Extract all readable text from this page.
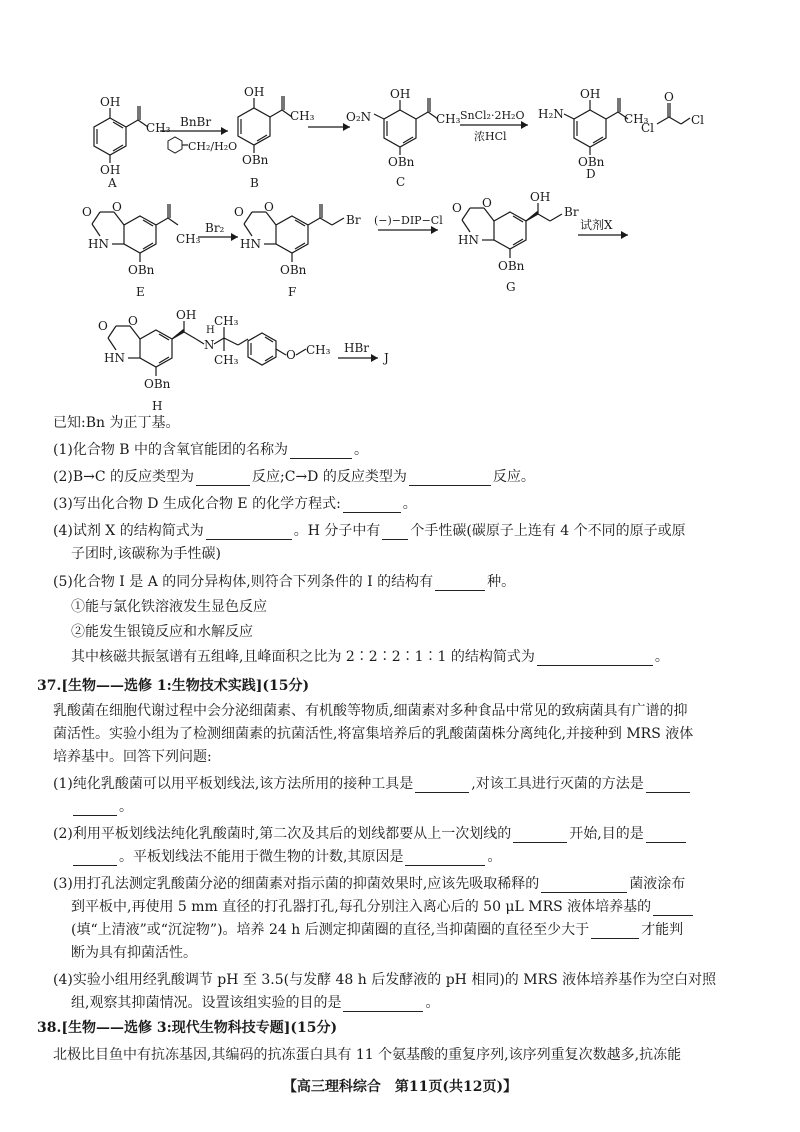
OH
CH₃
OH
A
BnBr
CH₂/H₂O
OH
CH₃
OBn
B
OH
O₂N	CH₃
OBn
C
SnCl₂·2H₂O
浓HCl
OH
H₂N	CH₃
OBn
D
O
Cl
Cl
O O
HN	CH₃
OBn
E
Br₂
O O
HN
Br
OBn
F
(−)−DIP−Cl
O O
HN
OH
Br
OBn
G
试剂X
O O
HN
OH
N
H
CH₃
CH₃	O CH₃
OBn
H
HBr
J
已知:Bn 为正丁基。
(1)化合物 B 中的含氧官能团的名称为	。
(2)B→C 的反应类型为	反应;C→D 的反应类型为	反应。
(3)写出化合物 D 生成化合物 E 的化学方程式:	。
(4)试剂 X 的结构简式为	。H 分子中有 个手性碳(碳原子上连有 4 个不同的原子或原
子团时,该碳称为手性碳)
(5)化合物 I 是 A 的同分异构体,则符合下列条件的 I 的结构有	种。
①能与氯化铁溶液发生显色反应
②能发生银镜反应和水解反应
其中核磁共振氢谱有五组峰,且峰面积之比为 2∶2∶2∶1∶1 的结构简式为	。
37.[生物——选修 1:生物技术实践](15分)
乳酸菌在细胞代谢过程中会分泌细菌素、有机酸等物质,细菌素对多种食品中常见的致病菌具有广谱的抑
菌活性。实验小组为了检测细菌素的抗菌活性,将富集培养后的乳酸菌菌株分离纯化,并接种到 MRS 液体
培养基中。回答下列问题:
(1)纯化乳酸菌可以用平板划线法,该方法所用的接种工具是	,对该工具进行灭菌的方法是
。
(2)利用平板划线法纯化乳酸菌时,第二次及其后的划线都要从上一次划线的	开始,目的是
。平板划线法不能用于微生物的计数,其原因是	。
(3)用打孔法测定乳酸菌分泌的细菌素对指示菌的抑菌效果时,应该先吸取稀释的	菌液涂布
到平板中,再使用 5 mm 直径的打孔器打孔,每孔分别注入离心后的 50 μL MRS 液体培养基的
(填“上清液”或“沉淀物”)。培养 24 h 后测定抑菌圈的直径,当抑菌圈的直径至少大于	才能判
断为具有抑菌活性。
(4)实验小组用经乳酸调节 pH 至 3.5(与发酵 48 h 后发酵液的 pH 相同)的 MRS 液体培养基作为空白对照
组,观察其抑菌情况。设置该组实验的目的是	。
38.[生物——选修 3:现代生物科技专题](15分)
北极比目鱼中有抗冻基因,其编码的抗冻蛋白具有 11 个氨基酸的重复序列,该序列重复次数越多,抗冻能
【高三理科综合　第11页(共12页)】
